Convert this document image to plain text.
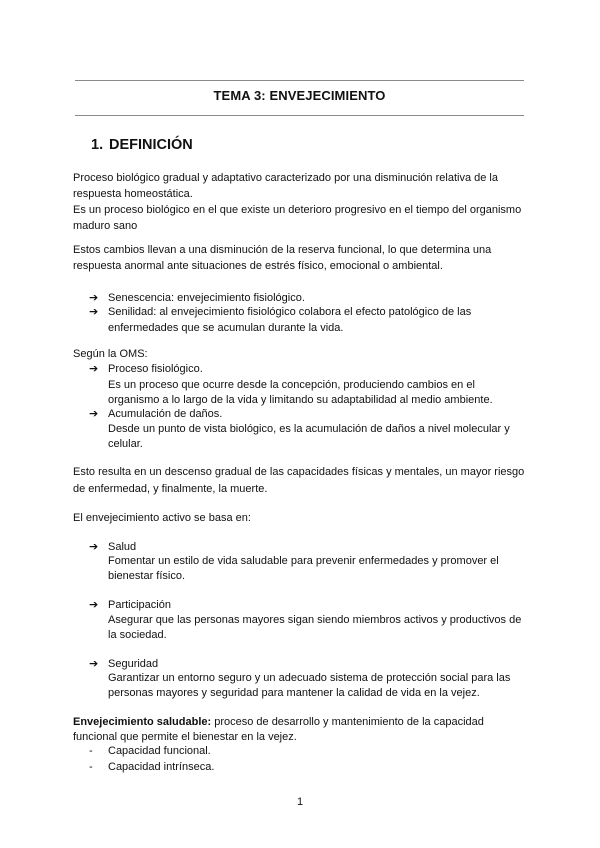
TEMA 3: ENVEJECIMIENTO
1. DEFINICIÓN
Proceso biológico gradual y adaptativo caracterizado por una disminución relativa de la
respuesta homeostática.
Es un proceso biológico en el que existe un deterioro progresivo en el tiempo del organismo
maduro sano
Estos cambios llevan a una disminución de la reserva funcional, lo que determina una
respuesta anormal ante situaciones de estrés físico, emocional o ambiental.
➔ Senescencia: envejecimiento fisiológico.
➔ Senilidad: al envejecimiento fisiológico colabora el efecto patológico de las
enfermedades que se acumulan durante la vida.
Según la OMS:
➔ Proceso fisiológico.
Es un proceso que ocurre desde la concepción, produciendo cambios en el
organismo a lo largo de la vida y limitando su adaptabilidad al medio ambiente.
➔ Acumulación de daños.
Desde un punto de vista biológico, es la acumulación de daños a nivel molecular y
celular.
Esto resulta en un descenso gradual de las capacidades físicas y mentales, un mayor riesgo
de enfermedad, y finalmente, la muerte.
El envejecimiento activo se basa en:
➔ Salud
Fomentar un estilo de vida saludable para prevenir enfermedades y promover el
bienestar físico.
➔ Participación
Asegurar que las personas mayores sigan siendo miembros activos y productivos de
la sociedad.
➔ Seguridad
Garantizar un entorno seguro y un adecuado sistema de protección social para las
personas mayores y seguridad para mantener la calidad de vida en la vejez.
Envejecimiento saludable: proceso de desarrollo y mantenimiento de la capacidad
funcional que permite el bienestar en la vejez.
- Capacidad funcional.
- Capacidad intrínseca.
1
